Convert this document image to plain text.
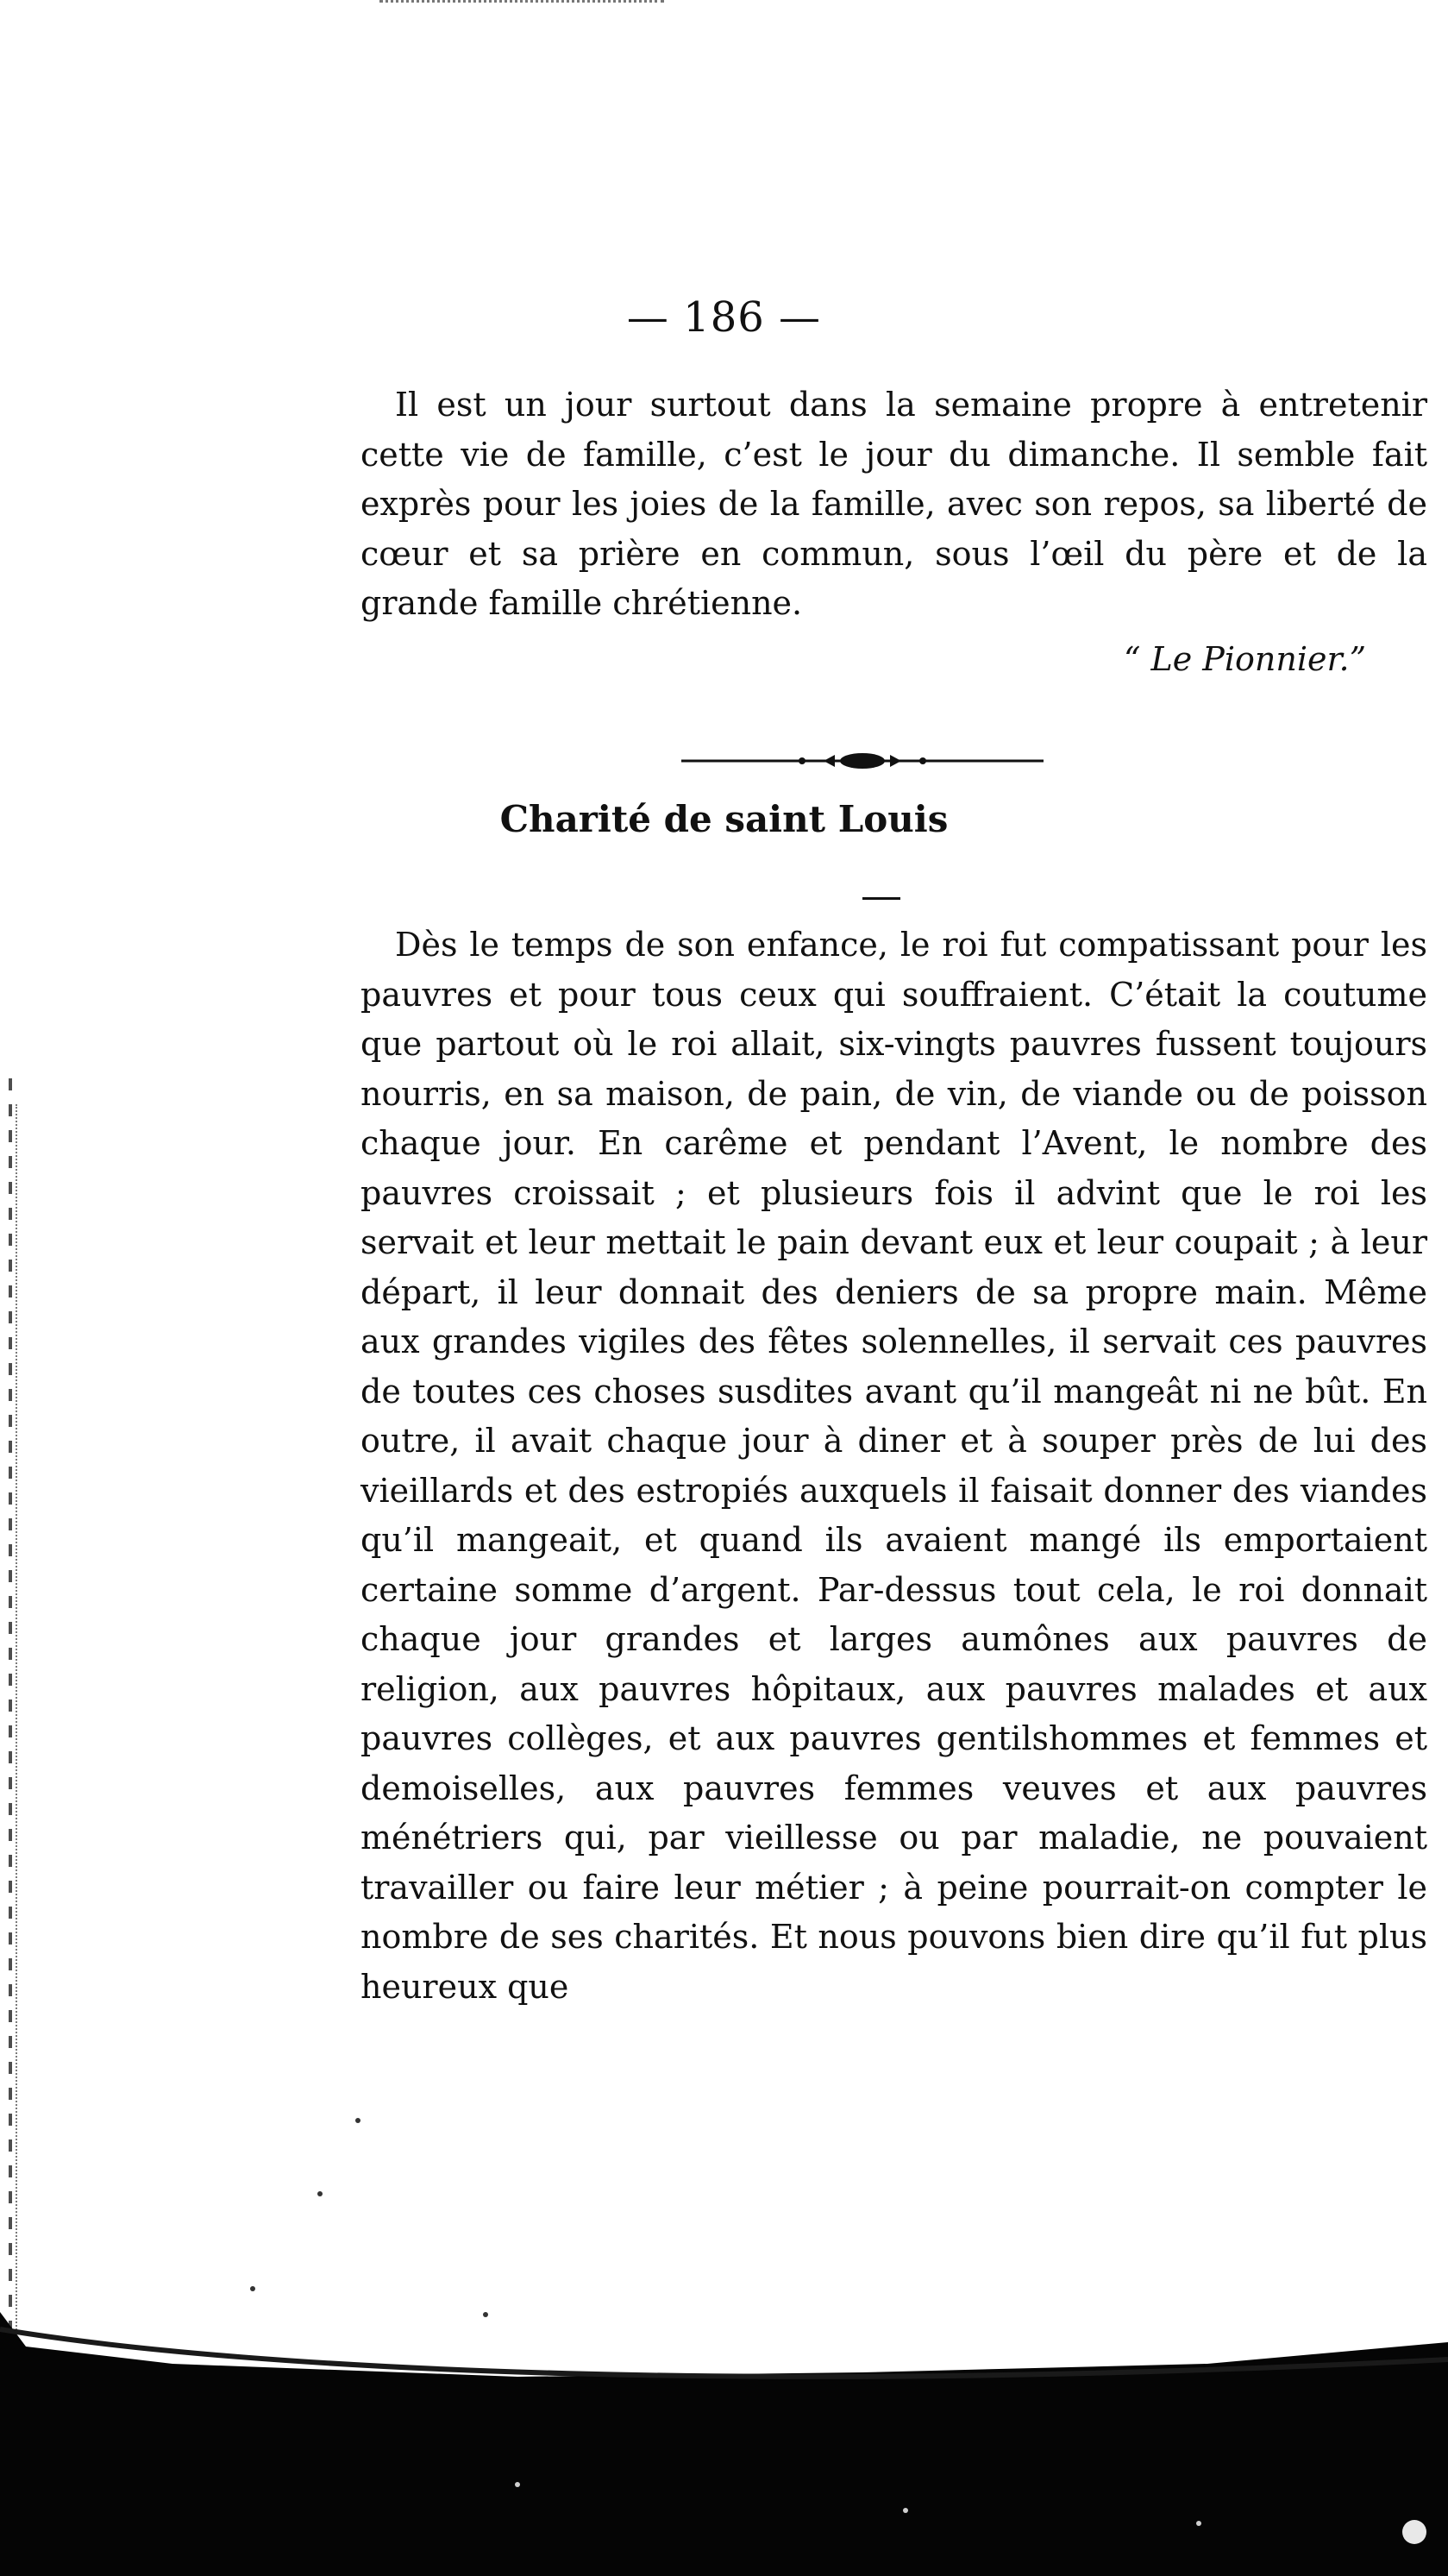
— 186 —

Il est un jour surtout dans la semaine propre à entretenir cette vie de famille, c’est le jour du dimanche. Il semble fait exprès pour les joies de la famille, avec son repos, sa liberté de cœur et sa prière en commun, sous l’œil du père et de la grande famille chrétienne.

“ Le Pionnier.”
Charité de saint Louis

Dès le temps de son enfance, le roi fut compatissant pour les pauvres et pour tous ceux qui souffraient. C’était la coutume que partout où le roi allait, six-vingts pauvres fussent toujours nourris, en sa maison, de pain, de vin, de viande ou de poisson chaque jour. En carême et pendant l’Avent, le nombre des pauvres croissait ; et plusieurs fois il advint que le roi les servait et leur mettait le pain devant eux et leur coupait ; à leur départ, il leur donnait des deniers de sa propre main. Même aux grandes vigiles des fêtes solennelles, il servait ces pauvres de toutes ces choses susdites avant qu’il mangeât ni ne bût. En outre, il avait chaque jour à diner et à souper près de lui des vieillards et des estropiés auxquels il faisait donner des viandes qu’il mangeait, et quand ils avaient mangé ils emportaient certaine somme d’argent. Par-dessus tout cela, le roi donnait chaque jour grandes et larges aumônes aux pauvres de religion, aux pauvres hôpitaux, aux pauvres malades et aux pauvres collèges, et aux pauvres gentilshommes et femmes et demoiselles, aux pauvres femmes veuves et aux pauvres ménétriers qui, par vieillesse ou par maladie, ne pouvaient travailler ou faire leur métier ; à peine pourrait-on compter le nombre de ses charités. Et nous pouvons bien dire qu’il fut plus heureux que
